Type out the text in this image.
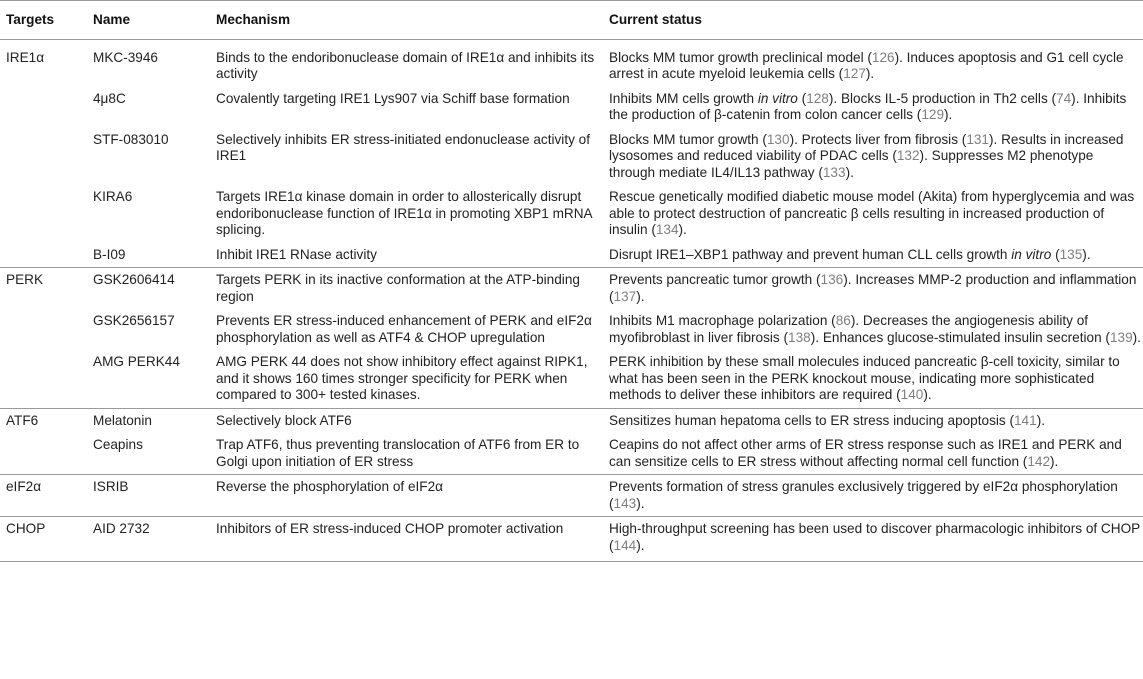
Targets	Name	Mechanism	Current status
IRE1α	MKC-3946	Binds to the endoribonuclease domain of IRE1α and inhibits its activity	Blocks MM tumor growth preclinical model (126). Induces apoptosis and G1 cell cycle arrest in acute myeloid leukemia cells (127).
	4μ8C	Covalently targeting IRE1 Lys907 via Schiff base formation	Inhibits MM cells growth in vitro (128). Blocks IL-5 production in Th2 cells (74). Inhibits the production of β-catenin from colon cancer cells (129).
	STF-083010	Selectively inhibits ER stress-initiated endonuclease activity of IRE1	Blocks MM tumor growth (130). Protects liver from fibrosis (131). Results in increased lysosomes and reduced viability of PDAC cells (132). Suppresses M2 phenotype through mediate IL4/IL13 pathway (133).
	KIRA6	Targets IRE1α kinase domain in order to allosterically disrupt endoribonuclease function of IRE1α in promoting XBP1 mRNA splicing.	Rescue genetically modified diabetic mouse model (Akita) from hyperglycemia and was able to protect destruction of pancreatic β cells resulting in increased production of insulin (134).
	B-I09	Inhibit IRE1 RNase activity	Disrupt IRE1–XBP1 pathway and prevent human CLL cells growth in vitro (135).
PERK	GSK2606414	Targets PERK in its inactive conformation at the ATP-binding region	Prevents pancreatic tumor growth (136). Increases MMP-2 production and inflammation (137).
	GSK2656157	Prevents ER stress-induced enhancement of PERK and eIF2α phosphorylation as well as ATF4 & CHOP upregulation	Inhibits M1 macrophage polarization (86). Decreases the angiogenesis ability of myofibroblast in liver fibrosis (138). Enhances glucose-stimulated insulin secretion (139).
	AMG PERK44	AMG PERK 44 does not show inhibitory effect against RIPK1, and it shows 160 times stronger specificity for PERK when compared to 300+ tested kinases.	PERK inhibition by these small molecules induced pancreatic β-cell toxicity, similar to what has been seen in the PERK knockout mouse, indicating more sophisticated methods to deliver these inhibitors are required (140).
ATF6	Melatonin	Selectively block ATF6	Sensitizes human hepatoma cells to ER stress inducing apoptosis (141).
	Ceapins	Trap ATF6, thus preventing translocation of ATF6 from ER to Golgi upon initiation of ER stress	Ceapins do not affect other arms of ER stress response such as IRE1 and PERK and can sensitize cells to ER stress without affecting normal cell function (142).
eIF2α	ISRIB	Reverse the phosphorylation of eIF2α	Prevents formation of stress granules exclusively triggered by eIF2α phosphorylation (143).
CHOP	AID 2732	Inhibitors of ER stress-induced CHOP promoter activation	High-throughput screening has been used to discover pharmacologic inhibitors of CHOP (144).
